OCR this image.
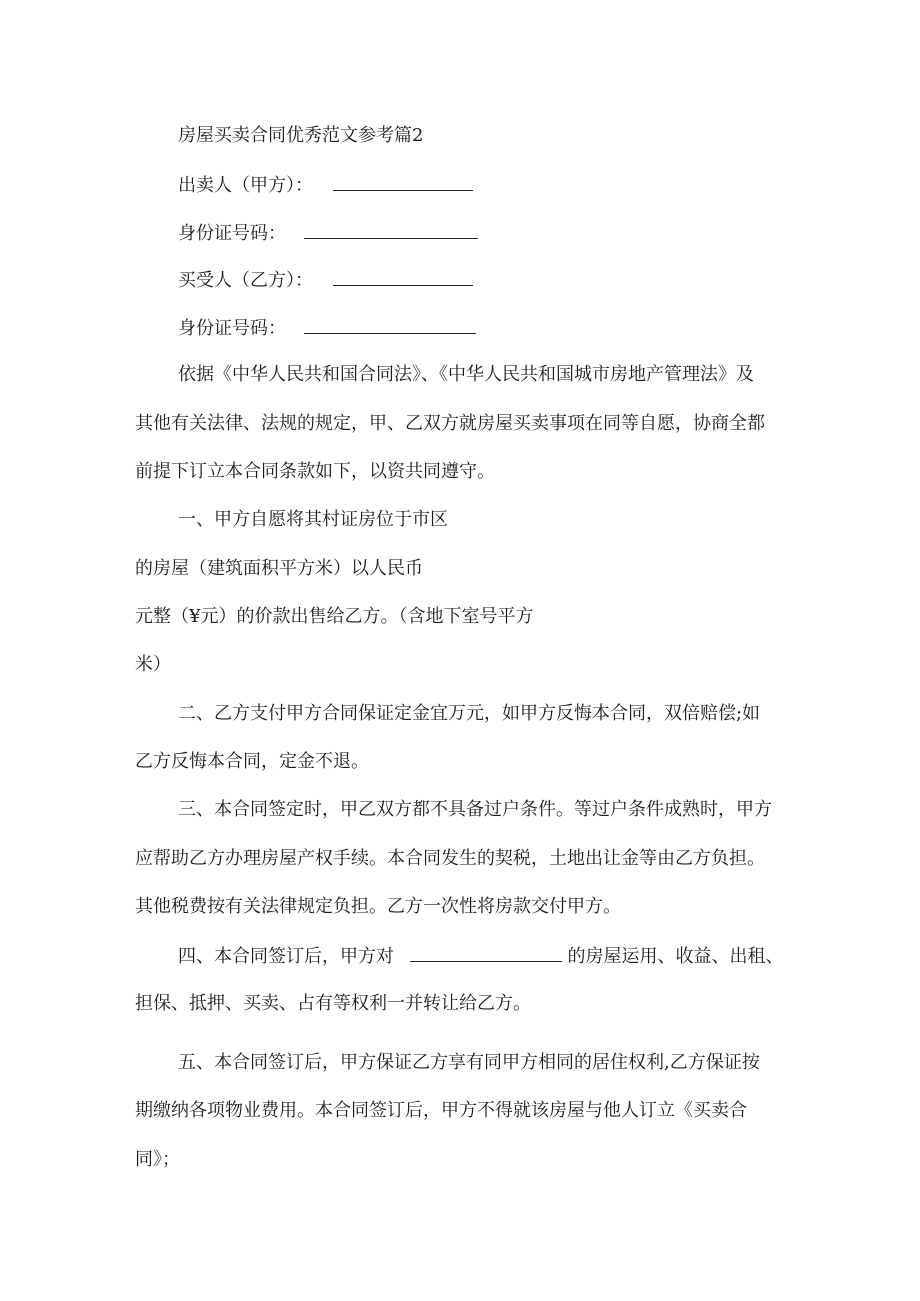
房屋买卖合同优秀范文参考篇2
出卖人（甲方）：
身份证号码：
买受人（乙方）：
身份证号码：
依据《中华人民共和国合同法》、《中华人民共和国城市房地产管理法》及
其他有关法律、法规的规定，甲、乙双方就房屋买卖事项在同等自愿，协商全都
前提下订立本合同条款如下，以资共同遵守。
一、甲方自愿将其村证房位于市区
的房屋（建筑面积平方米）以人民币
元整（¥元）的价款出售给乙方。（含地下室号平方
米）
二、乙方支付甲方合同保证定金宜万元，如甲方反悔本合同，双倍赔偿;如
乙方反悔本合同，定金不退。
三、本合同签定时，甲乙双方都不具备过户条件。等过户条件成熟时，甲方
应帮助乙方办理房屋产权手续。本合同发生的契税，土地出让金等由乙方负担。
其他税费按有关法律规定负担。乙方一次性将房款交付甲方。
四、本合同签订后，甲方对	的房屋运用、收益、出租、
担保、抵押、买卖、占有等权利一并转让给乙方。
五、本合同签订后，甲方保证乙方享有同甲方相同的居住权利,乙方保证按
期缴纳各项物业费用。本合同签订后，甲方不得就该房屋与他人订立《买卖合
同》；
